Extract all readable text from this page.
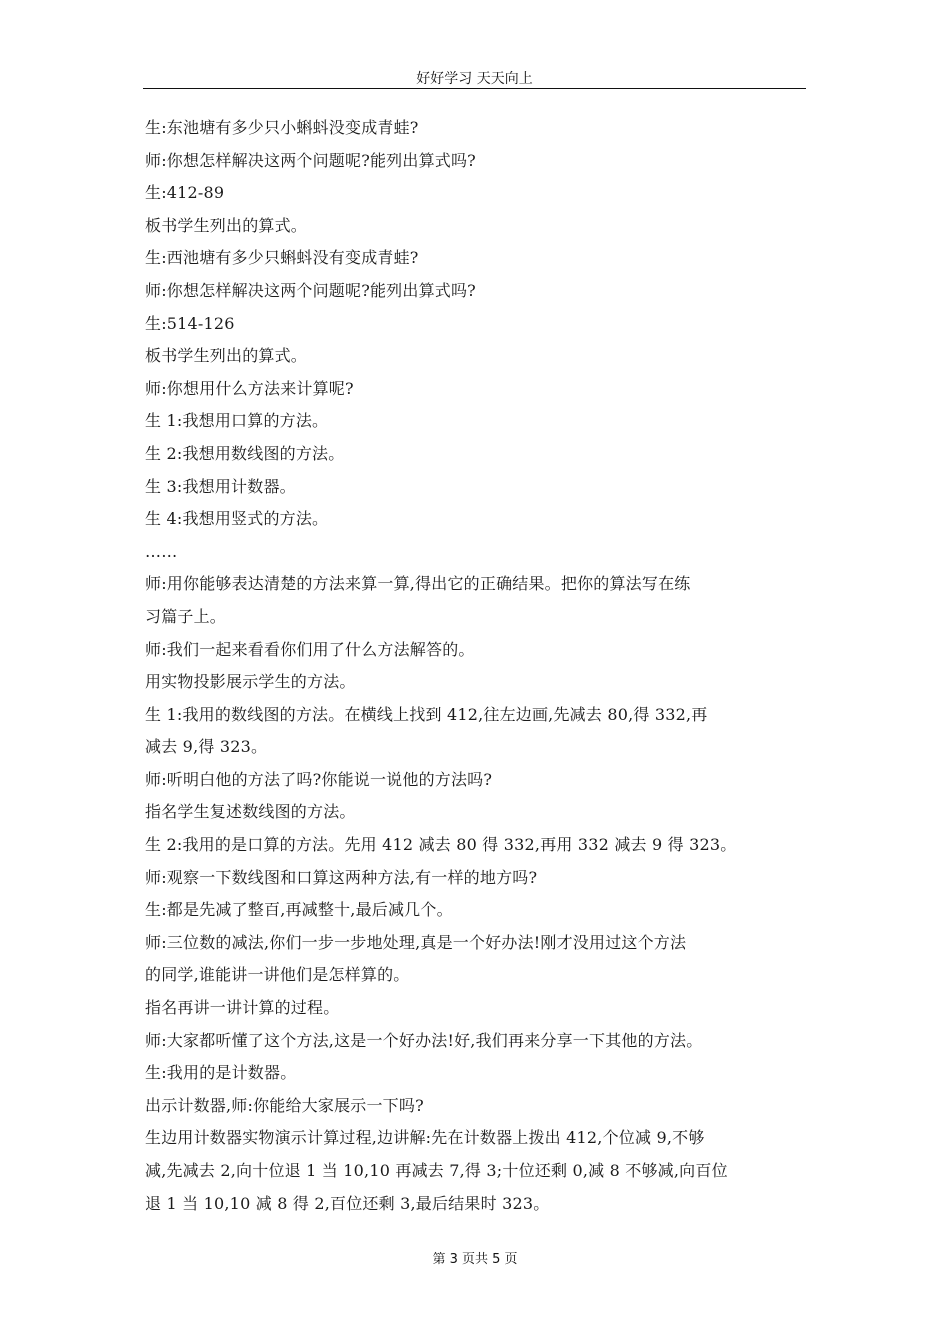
好好学习 天天向上
生:东池塘有多少只小蝌蚪没变成青蛙?
师:你想怎样解决这两个问题呢?能列出算式吗?
生:412-89
板书学生列出的算式。
生:西池塘有多少只蝌蚪没有变成青蛙?
师:你想怎样解决这两个问题呢?能列出算式吗?
生:514-126
板书学生列出的算式。
师:你想用什么方法来计算呢?
生 1:我想用口算的方法。
生 2:我想用数线图的方法。
生 3:我想用计数器。
生 4:我想用竖式的方法。
……
师:用你能够表达清楚的方法来算一算,得出它的正确结果。把你的算法写在练
习篇子上。
师:我们一起来看看你们用了什么方法解答的。
用实物投影展示学生的方法。
生 1:我用的数线图的方法。在横线上找到 412,往左边画,先减去 80,得 332,再
减去 9,得 323。
师:听明白他的方法了吗?你能说一说他的方法吗?
指名学生复述数线图的方法。
生 2:我用的是口算的方法。先用 412 减去 80 得 332,再用 332 减去 9 得 323。
师:观察一下数线图和口算这两种方法,有一样的地方吗?
生:都是先减了整百,再减整十,最后减几个。
师:三位数的减法,你们一步一步地处理,真是一个好办法!刚才没用过这个方法
的同学,谁能讲一讲他们是怎样算的。
指名再讲一讲计算的过程。
师:大家都听懂了这个方法,这是一个好办法!好,我们再来分享一下其他的方法。
生:我用的是计数器。
出示计数器,师:你能给大家展示一下吗?
生边用计数器实物演示计算过程,边讲解:先在计数器上拨出 412,个位减 9,不够
减,先减去 2,向十位退 1 当 10,10 再减去 7,得 3;十位还剩 0,减 8 不够减,向百位
退 1 当 10,10 减 8 得 2,百位还剩 3,最后结果时 323。
第 3 页共 5 页
